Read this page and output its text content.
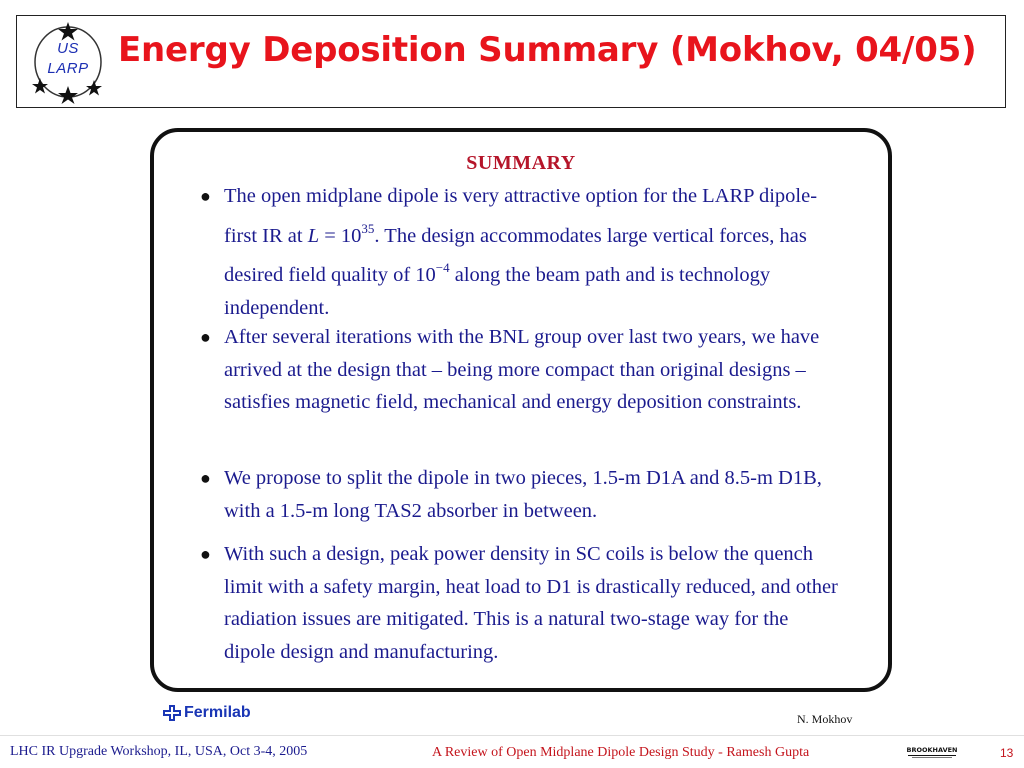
US
LARP Energy Deposition Summary (Mokhov, 04/05)
SUMMARY
● The open midplane dipole is very attractive option for the LARP dipole-first IR at $L = 10^{35}$. The design accommodates large vertical forces, has desired field quality of $10^{-4}$ along the beam path and is technology independent.
● After several iterations with the BNL group over last two years, we have arrived at the design that – being more compact than original designs – satisfies magnetic field, mechanical and energy deposition constraints.
● We propose to split the dipole in two pieces, 1.5-m D1A and 8.5-m D1B, with a 1.5-m long TAS2 absorber in between.
● With such a design, peak power density in SC coils is below the quench limit with a safety margin, heat load to D1 is drastically reduced, and other radiation issues are mitigated. This is a natural two-stage way for the dipole design and manufacturing.
Fermilab	N. Mokhov
LHC IR Upgrade Workshop, IL, USA, Oct 3-4, 2005	A Review of Open Midplane Dipole Design Study - Ramesh Gupta	BROOKHAVEN	13
